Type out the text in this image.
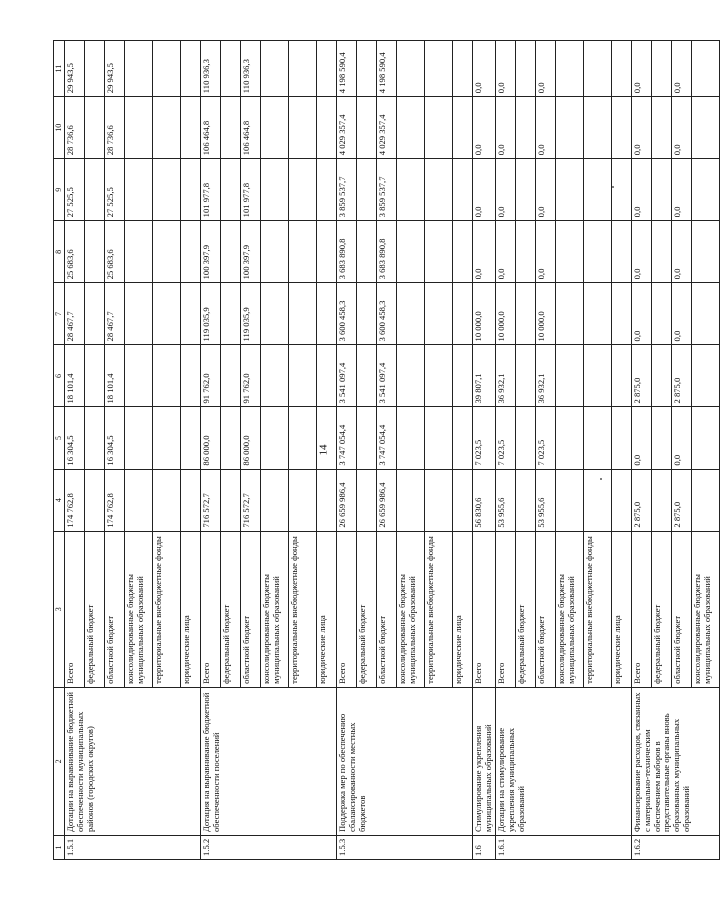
14
1	2	3	4	5	6	7	8	9	10	11
1.5.1	Дотации на выравнивание бюджетной обеспеченности муниципальных районов (городских округов)	Всего	174 762,8	16 304,5	18 101,4	28 467,7	25 683,6	27 525,5	28 736,6	29 943,5
		федеральный бюджет								
		областной бюджет	174 762,8	16 304,5	18 101,4	28 467,7	25 683,6	27 525,5	28 736,6	29 943,5
		консолидированные бюджеты муниципальных образований								
		территориальные внебюджетные фонды								
		юридические лица								
1.5.2	Дотация на выравнивание бюджетной обеспеченности поселений	Всего	716 572,7	86 000,0	91 762,0	119 035,9	100 397,9	101 977,8	106 464,8	110 936,3
		федеральный бюджет								
		областной бюджет	716 572,7	86 000,0	91 762,0	119 035,9	100 397,9	101 977,8	106 464,8	110 936,3
		консолидированные бюджеты муниципальных образований								
		территориальные внебюджетные фонды								
		юридические лица								
1.5.3	Поддержка мер по обеспечению сбалансированности местных бюджетов	Всего	26 659 986,4	3 747 054,4	3 541 097,4	3 600 458,3	3 683 890,8	3 859 537,7	4 029 357,4	4 198 590,4
		федеральный бюджет								
		областной бюджет	26 659 986,4	3 747 054,4	3 541 097,4	3 600 458,3	3 683 890,8	3 859 537,7	4 029 357,4	4 198 590,4
		консолидированные бюджеты муниципальных образований								
		территориальные внебюджетные фонды								
		юридические лица								
1.6	Стимулирование укрепления муниципальных образований	Всего	56 830,6	7 023,5	39 807,1	10 000,0	0,0	0,0	0,0	0,0
1.6.1	Дотации на стимулирование укрепления муниципальных образований	Всего	53 955,6	7 023,5	36 932,1	10 000,0	0,0	0,0	0,0	0,0
		федеральный бюджет								
		областной бюджет	53 955,6	7 023,5	36 932,1	10 000,0	0,0	0,0	0,0	0,0
		консолидированные бюджеты муниципальных образований								
		территориальные внебюджетные фонды								
		юридические лица								
1.6.2	Финансирование расходов, связанных с материально-техническим обеспечением выборов в представительные органы вновь образованных муниципальных образований	Всего	2 875,0	0,0	2 875,0	0,0	0,0	0,0	0,0	0,0
		федеральный бюджет								
		областной бюджет	2 875,0	0,0	2 875,0	0,0	0,0	0,0	0,0	0,0
		консолидированные бюджеты муниципальных образований								
